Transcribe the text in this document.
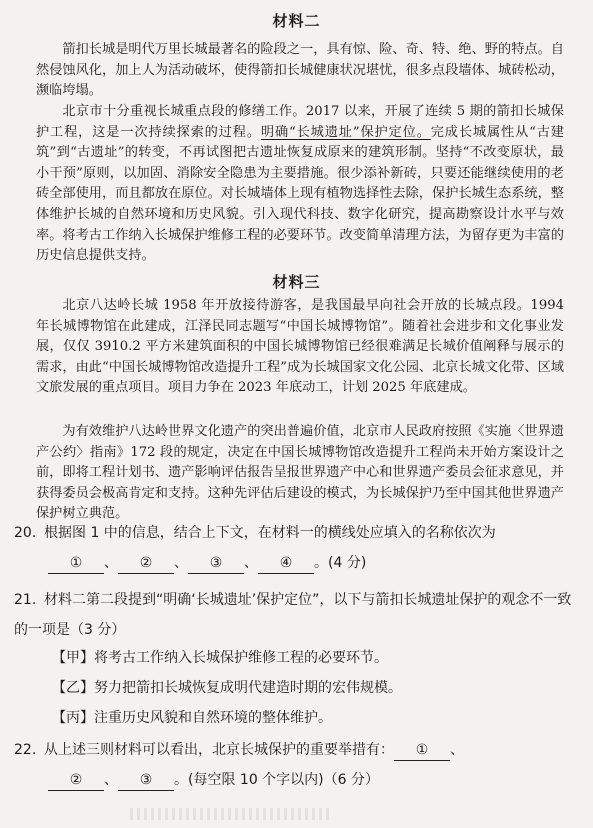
材料二

箭扣长城是明代万里长城最著名的险段之一，具有惊、险、奇、特、绝、野的特点。自然侵蚀风化，加上人为活动破坏，使得箭扣长城健康状况堪忧，很多点段墙体、城砖松动，濒临垮塌。

北京市十分重视长城重点段的修缮工作。2017 以来，开展了连续 5 期的箭扣长城保护工程，这是一次持续探索的过程。明确“长城遗址”保护定位。完成长城属性从“古建筑”到“古遗址”的转变，不再试图把古遗址恢复成原来的建筑形制。坚持“不改变原状，最小干预”原则，以加固、消除安全隐患为主要措施。很少添补新砖，只要还能继续使用的老砖全部使用，而且都放在原位。对长城墙体上现有植物选择性去除，保护长城生态系统，整体维护长城的自然环境和历史风貌。引入现代科技、数字化研究，提高勘察设计水平与效率。将考古工作纳入长城保护维修工程的必要环节。改变简单清理方法，为留存更为丰富的历史信息提供支持。

材料三

北京八达岭长城 1958 年开放接待游客，是我国最早向社会开放的长城点段。1994 年长城博物馆在此建成，江泽民同志题写“中国长城博物馆”。随着社会进步和文化事业发展，仅仅 3910.2 平方米建筑面积的中国长城博物馆已经很难满足长城价值阐释与展示的需求，由此“中国长城博物馆改造提升工程”成为长城国家文化公园、北京长城文化带、区域文旅发展的重点项目。项目力争在 2023 年底动工，计划 2025 年底建成。

为有效维护八达岭世界文化遗产的突出普遍价值，北京市人民政府按照《实施〈世界遗产公约〉指南》172 段的规定，决定在中国长城博物馆改造提升工程尚未开始方案设计之前，即将工程计划书、遗产影响评估报告呈报世界遗产中心和世界遗产委员会征求意见，并获得委员会极高肯定和支持。这种先评估后建设的模式，为长城保护乃至中国其他世界遗产保护树立典范。

20. 根据图 1 中的信息，结合上下文，在材料一的横线处应填入的名称依次为
① 、 ② 、 ③ 、 ④ 。(4 分)

21. 材料二第二段提到“明确‘长城遗址’保护定位”，以下与箭扣长城遗址保护的观念不一致的一项是（3 分）

【甲】将考古工作纳入长城保护维修工程的必要环节。
【乙】努力把箭扣长城恢复成明代建造时期的宏伟规模。
【丙】注重历史风貌和自然环境的整体维护。

22. 从上述三则材料可以看出，北京长城保护的重要举措有： ① 、
② 、 ③ 。(每空限 10 个字以内)（6 分）
